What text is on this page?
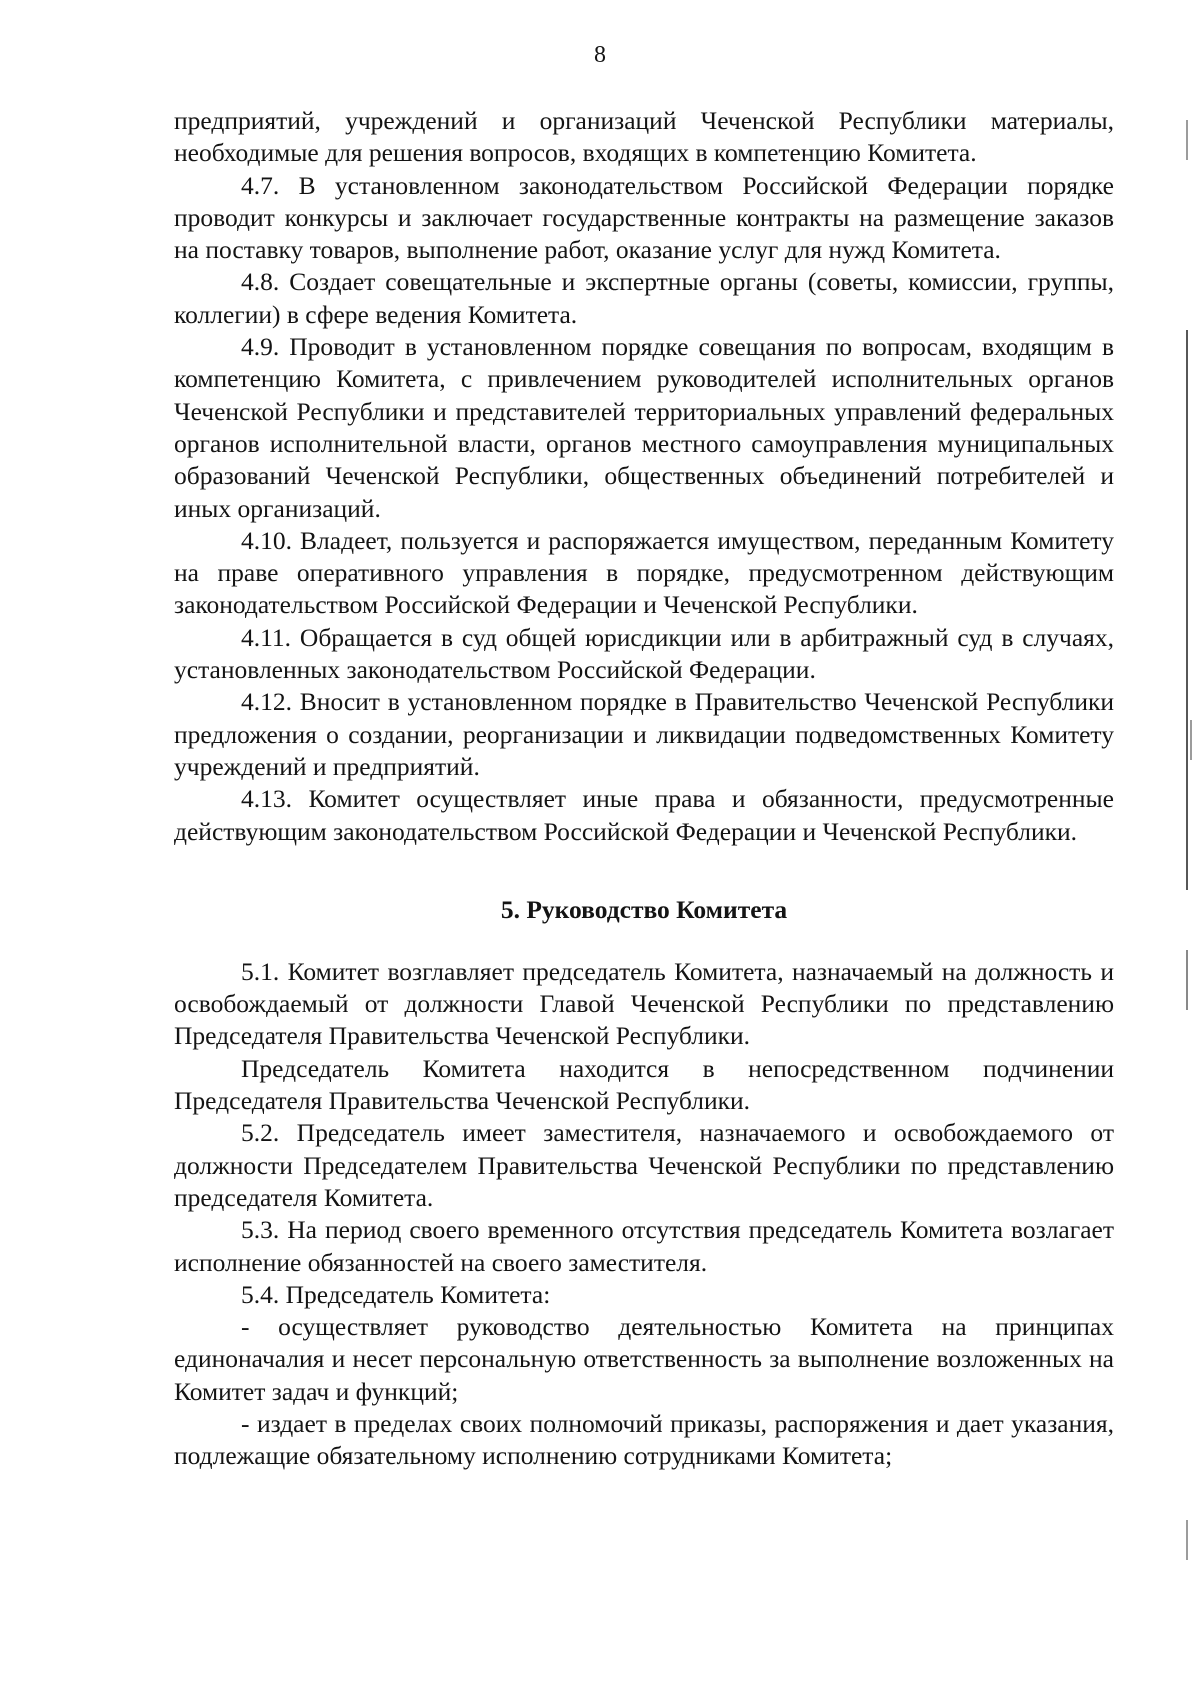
8

предприятий, учреждений и организаций Чеченской Республики материалы, необходимые для решения вопросов, входящих в компетенцию Комитета.

4.7. В установленном законодательством Российской Федерации порядке проводит конкурсы и заключает государственные контракты на размещение заказов на поставку товаров, выполнение работ, оказание услуг для нужд Комитета.

4.8. Создает совещательные и экспертные органы (советы, комиссии, группы, коллегии) в сфере ведения Комитета.

4.9. Проводит в установленном порядке совещания по вопросам, входящим в компетенцию Комитета, с привлечением руководителей исполнительных органов Чеченской Республики и представителей территориальных управлений федеральных органов исполнительной власти, органов местного самоуправления муниципальных образований Чеченской Республики, общественных объединений потребителей и иных организаций.

4.10. Владеет, пользуется и распоряжается имуществом, переданным Комитету на праве оперативного управления в порядке, предусмотренном действующим законодательством Российской Федерации и Чеченской Республики.

4.11. Обращается в суд общей юрисдикции или в арбитражный суд в случаях, установленных законодательством Российской Федерации.

4.12. Вносит в установленном порядке в Правительство Чеченской Республики предложения о создании, реорганизации и ликвидации подведомственных Комитету учреждений и предприятий.

4.13. Комитет осуществляет иные права и обязанности, предусмотренные действующим законодательством Российской Федерации и Чеченской Республики.

5. Руководство Комитета

5.1. Комитет возглавляет председатель Комитета, назначаемый на должность и освобождаемый от должности Главой Чеченской Республики по представлению Председателя Правительства Чеченской Республики.

Председатель Комитета находится в непосредственном подчинении Председателя Правительства Чеченской Республики.

5.2. Председатель имеет заместителя, назначаемого и освобождаемого от должности Председателем Правительства Чеченской Республики по представлению председателя Комитета.

5.3. На период своего временного отсутствия председатель Комитета возлагает исполнение обязанностей на своего заместителя.

5.4. Председатель Комитета:

- осуществляет руководство деятельностью Комитета на принципах единоначалия и несет персональную ответственность за выполнение возложенных на Комитет задач и функций;

- издает в пределах своих полномочий приказы, распоряжения и дает указания, подлежащие обязательному исполнению сотрудниками Комитета;
